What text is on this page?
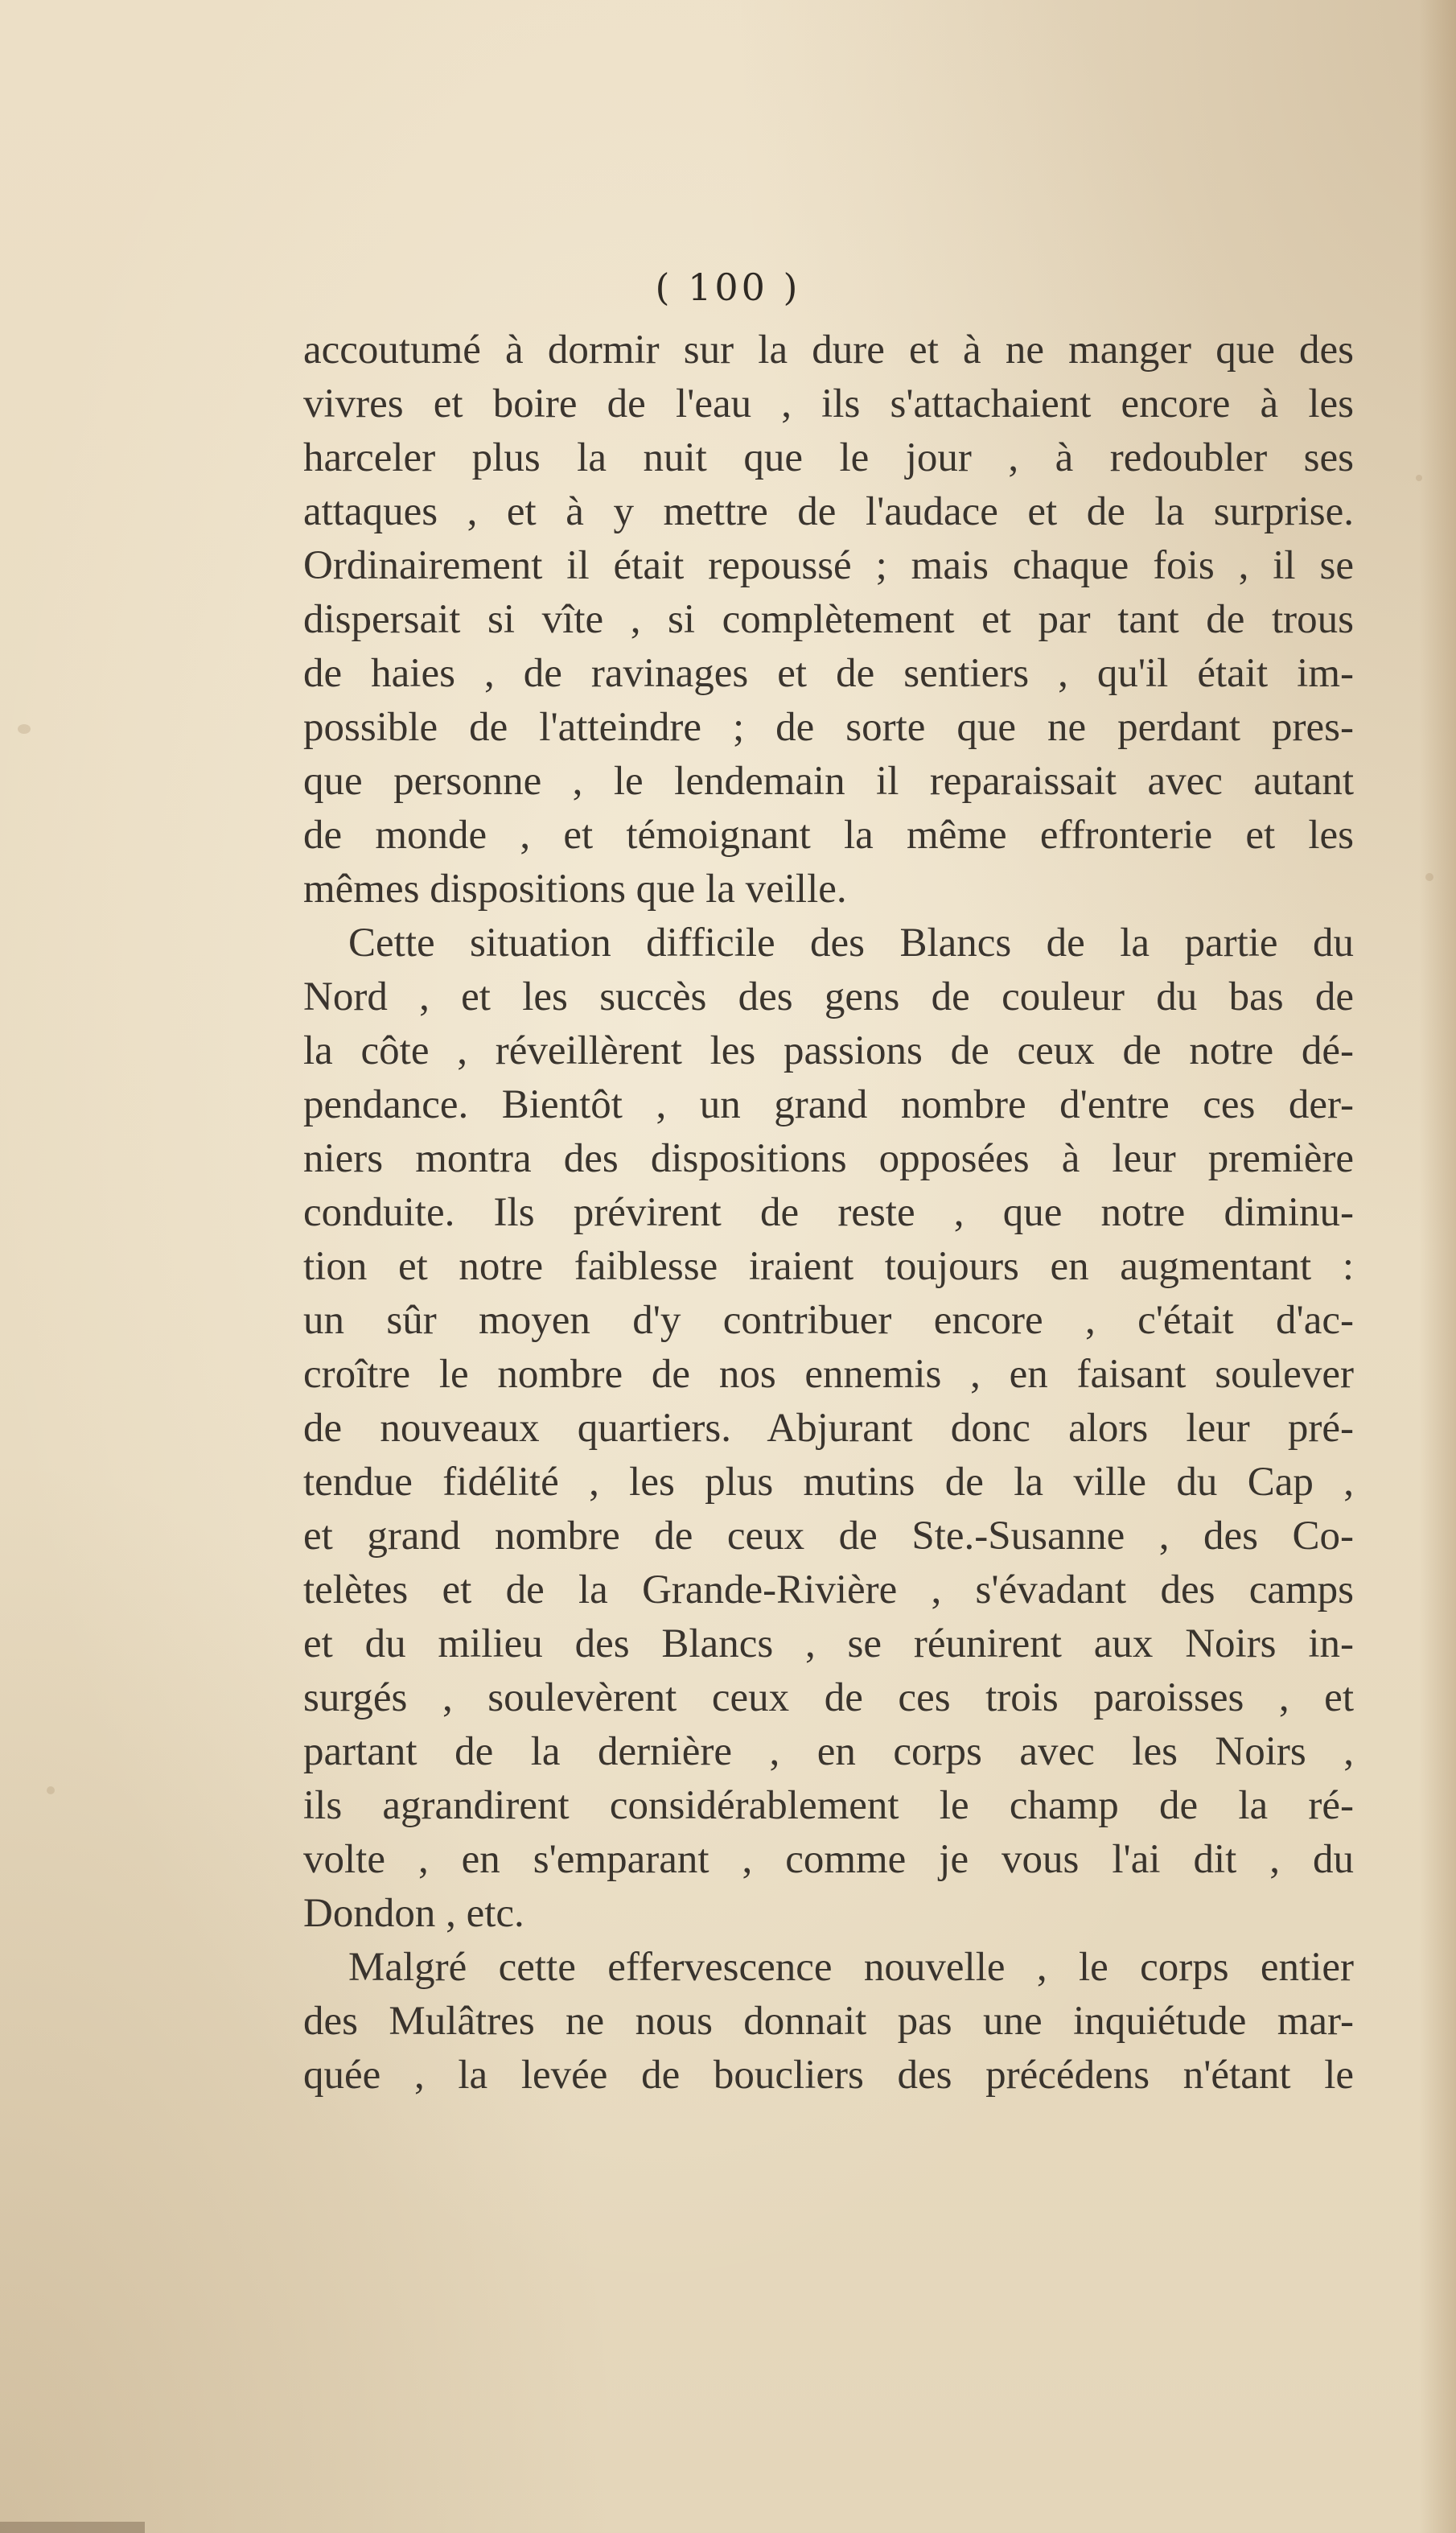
( 100 )
accoutumé à dormir sur la dure et à ne manger que des
vivres et boire de l'eau , ils s'attachaient encore à les
harceler plus la nuit que le jour , à redoubler ses
attaques , et à y mettre de l'audace et de la surprise.
Ordinairement il était repoussé ; mais chaque fois , il se
dispersait si vîte , si complètement et par tant de trous
de haies , de ravinages et de sentiers , qu'il était im-
possible de l'atteindre ; de sorte que ne perdant pres-
que personne , le lendemain il reparaissait avec autant
de monde , et témoignant la même effronterie et les
mêmes dispositions que la veille.
Cette situation difficile des Blancs de la partie du
Nord , et les succès des gens de couleur du bas de
la côte , réveillèrent les passions de ceux de notre dé-
pendance. Bientôt , un grand nombre d'entre ces der-
niers montra des dispositions opposées à leur première
conduite. Ils prévirent de reste , que notre diminu-
tion et notre faiblesse iraient toujours en augmentant :
un sûr moyen d'y contribuer encore , c'était d'ac-
croître le nombre de nos ennemis , en faisant soulever
de nouveaux quartiers. Abjurant donc alors leur pré-
tendue fidélité , les plus mutins de la ville du Cap ,
et grand nombre de ceux de Ste.-Susanne , des Co-
telètes et de la Grande-Rivière , s'évadant des camps
et du milieu des Blancs , se réunirent aux Noirs in-
surgés , soulevèrent ceux de ces trois paroisses , et
partant de la dernière , en corps avec les Noirs ,
ils agrandirent considérablement le champ de la ré-
volte , en s'emparant , comme je vous l'ai dit , du
Dondon , etc.
Malgré cette effervescence nouvelle , le corps entier
des Mulâtres ne nous donnait pas une inquiétude mar-
quée , la levée de boucliers des précédens n'étant le
